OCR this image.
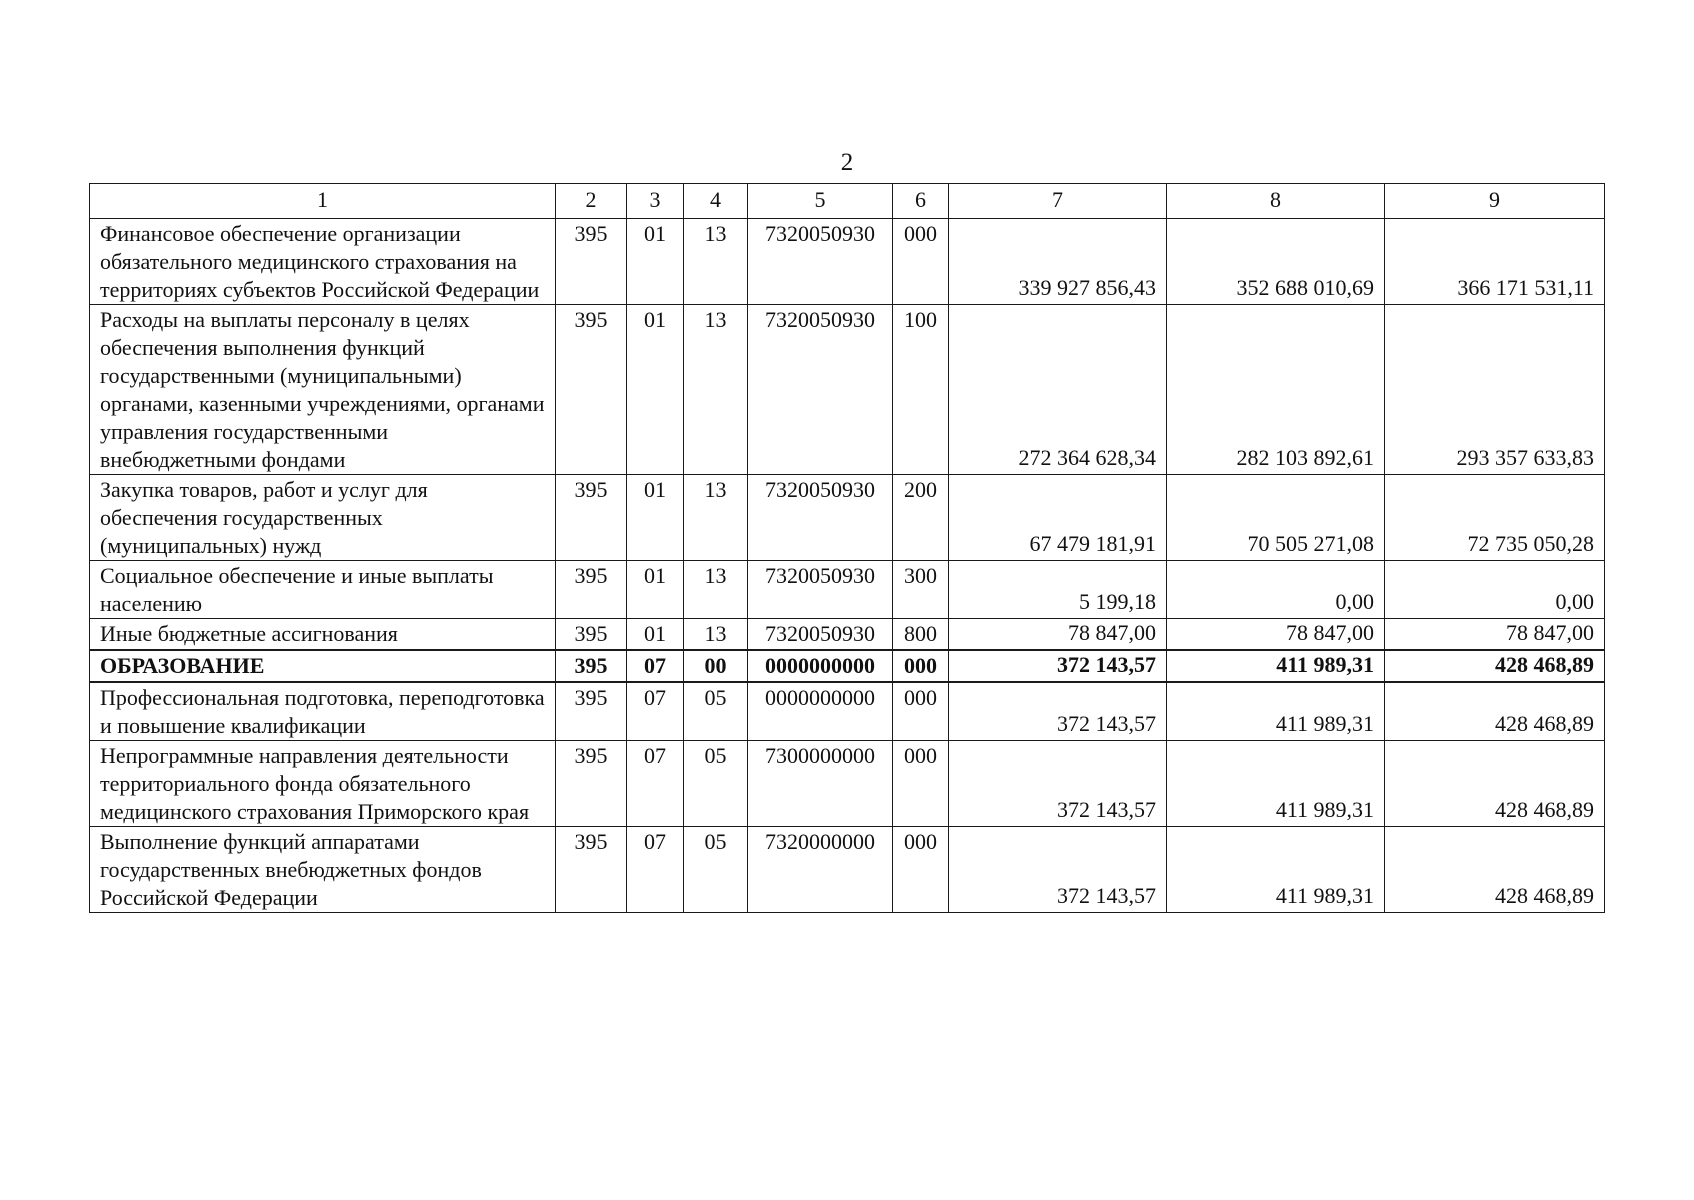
2
1	2	3	4	5	6	7	8	9
Финансовое обеспечение организации обязательного медицинского страхования на территориях субъектов Российской Федерации	395	01	13	7320050930	000	339 927 856,43	352 688 010,69	366 171 531,11
Расходы на выплаты персоналу в целях обеспечения выполнения функций государственными (муниципальными) органами, казенными учреждениями, органами управления государственными внебюджетными фондами	395	01	13	7320050930	100	272 364 628,34	282 103 892,61	293 357 633,83
Закупка товаров, работ и услуг для обеспечения государственных (муниципальных) нужд	395	01	13	7320050930	200	67 479 181,91	70 505 271,08	72 735 050,28
Социальное обеспечение и иные выплаты населению	395	01	13	7320050930	300	5 199,18	0,00	0,00
Иные бюджетные ассигнования	395	01	13	7320050930	800	78 847,00	78 847,00	78 847,00
ОБРАЗОВАНИЕ	395	07	00	0000000000	000	372 143,57	411 989,31	428 468,89
Профессиональная подготовка, переподготовка и повышение квалификации	395	07	05	0000000000	000	372 143,57	411 989,31	428 468,89
Непрограммные направления деятельности территориального фонда обязательного медицинского страхования Приморского края	395	07	05	7300000000	000	372 143,57	411 989,31	428 468,89
Выполнение функций аппаратами государственных внебюджетных фондов Российской Федерации	395	07	05	7320000000	000	372 143,57	411 989,31	428 468,89
